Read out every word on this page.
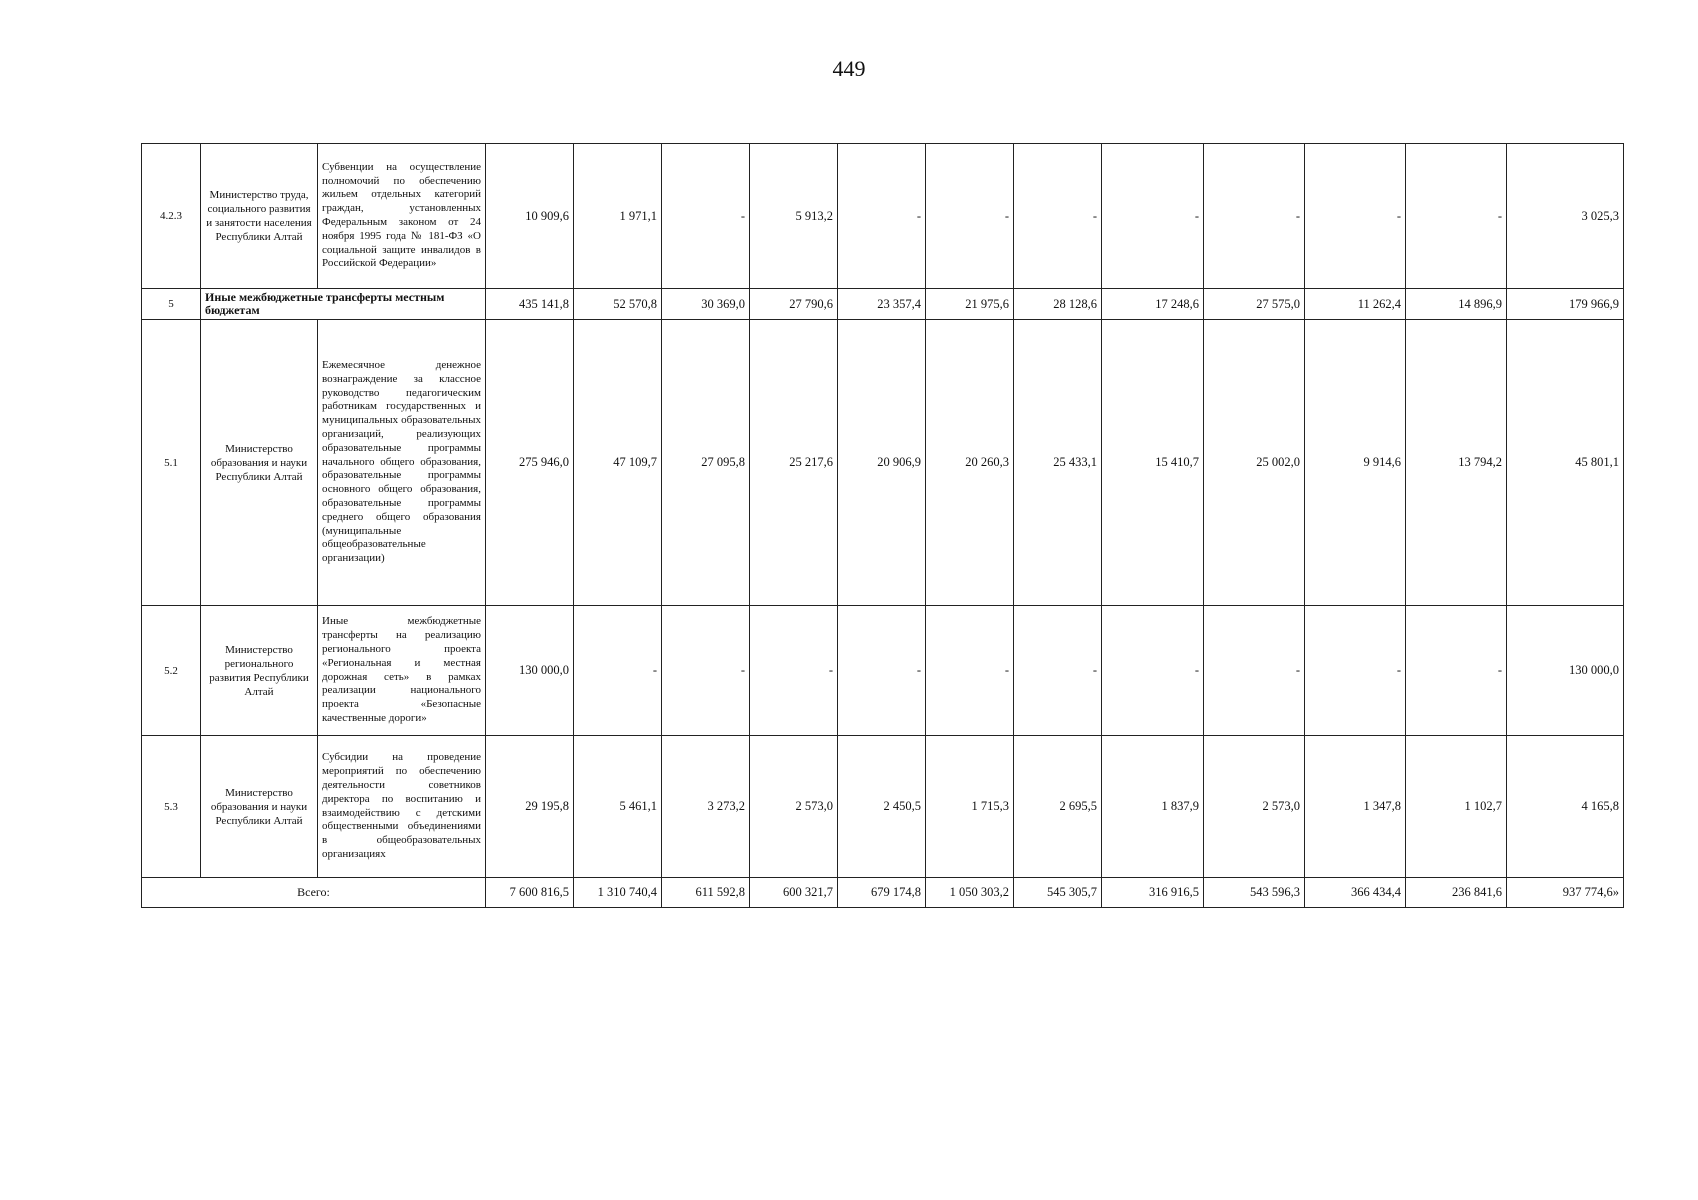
449
4.2.3	Министерство труда, социального развития и занятости населения Республики Алтай	Субвенции на осуществление полномочий по обеспечению жильем отдельных категорий граждан, установленных Федеральным законом от 24 ноября 1995 года № 181-ФЗ «О социальной защите инвалидов в Российской Федерации»	10 909,6	1 971,1	-	5 913,2	-	-	-	-	-	-	-	3 025,3
5	Иные межбюджетные трансферты местным бюджетам		435 141,8	52 570,8	30 369,0	27 790,6	23 357,4	21 975,6	28 128,6	17 248,6	27 575,0	11 262,4	14 896,9	179 966,9
5.1	Министерство образования и науки Республики Алтай	Ежемесячное денежное вознаграждение за классное руководство педагогическим работникам государственных и муниципальных образовательных организаций, реализующих образовательные программы начального общего образования, образовательные программы основного общего образования, образовательные программы среднего общего образования (муниципальные общеобразовательные организации)	275 946,0	47 109,7	27 095,8	25 217,6	20 906,9	20 260,3	25 433,1	15 410,7	25 002,0	9 914,6	13 794,2	45 801,1
5.2	Министерство регионального развития Республики Алтай	Иные межбюджетные трансферты на реализацию регионального проекта «Региональная и местная дорожная сеть» в рамках реализации национального проекта «Безопасные качественные дороги»	130 000,0	-	-	-	-	-	-	-	-	-	-	130 000,0
5.3	Министерство образования и науки Республики Алтай	Субсидии на проведение мероприятий по обеспечению деятельности советников директора по воспитанию и взаимодействию с детскими общественными объединениями в общеобразовательных организациях	29 195,8	5 461,1	3 273,2	2 573,0	2 450,5	1 715,3	2 695,5	1 837,9	2 573,0	1 347,8	1 102,7	4 165,8
Всего:			7 600 816,5	1 310 740,4	611 592,8	600 321,7	679 174,8	1 050 303,2	545 305,7	316 916,5	543 596,3	366 434,4	236 841,6	937 774,6»
